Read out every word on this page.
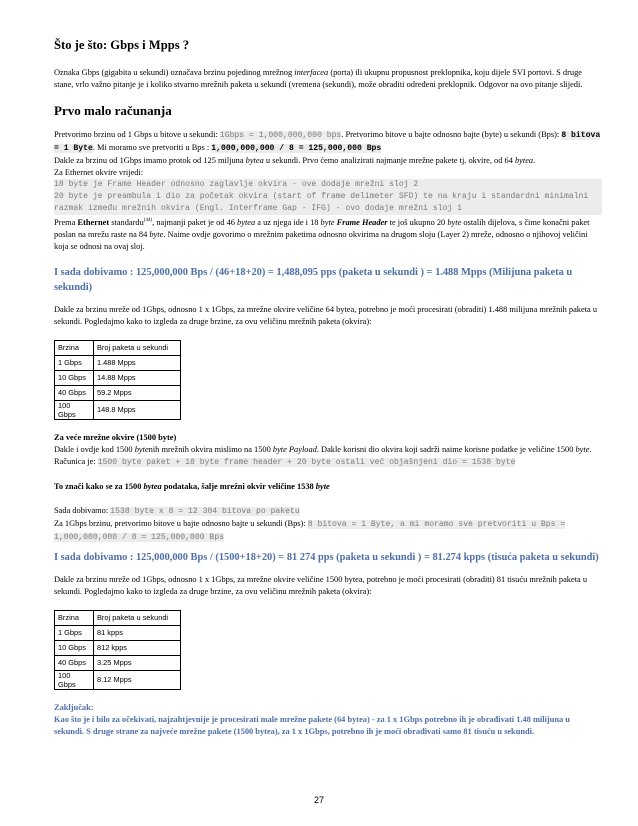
Što je što: Gbps i Mpps ?

Oznaka Gbps (gigabita u sekundi) označava brzinu pojedinog mrežnog interfacea (porta) ili ukupnu propusnost preklopnika, koju dijele SVI portovi. S druge stane, vrlo važno pitanje je i koliko stvarno mrežnih paketa u sekundi (vremena (sekundi), može obraditi određeni preklopnik. Odgovor na ovo pitanje slijedi.

Prvo malo računanja

Pretvorimo brzinu od 1 Gbps u bitove u sekundi: 1Gbps = 1,000,000,000 bps. Pretvorimo bitove u bajte odnosno bajte (byte) u sekundi (Bps): 8 bitova = 1 Byte. Mi moramo sve pretvoriti u Bps : 1,000,000,000 / 8 = 125,000,000 Bps

Dakle za brzinu od 1Gbps imamo protok od 125 miljuna bytea u sekundi. Prvo ćemo analizirati najmanje mrežne pakete tj. okvire, od 64 bytea.

Za Ethernet okvire vrijedi:

18 byte je Frame Header odnosno zaglavlje okvira - ove dodaje mrežni sloj 2

20 byte je preambula i dio za početak okvira (start of frame delimeter SFD) te na kraju i standardni minimalni razmak između mrežnih okvira (Engl. Interframe Gap - IFG) - ovo dodaje mrežni sloj 1

Prema Ethernet standardu$^{(44)}$, najmanji paket je od 46 bytea a uz njega ide i 18 byte Frame Header te još ukupno 20 byte ostalih dijelova, s čime konačni paket poslan na mrežu raste na 84 byte. Naime ovdje govorimo o mrežnim paketima odnosno okvirima na drugom sloju (Layer 2) mreže, odnosno o njihovoj veličini koja se odnosi na ovaj sloj.

I sada dobivamo : 125,000,000 Bps / (46+18+20) = 1,488,095 pps (paketa u sekundi ) = 1.488 Mpps (Milijuna paketa u sekundi)

Dakle za brzinu mreže od 1Gbps, odnosno 1 x 1Gbps, za mrežne okvire veličine 64 bytea, potrebno je moći procesirati (obraditi) 1.488 milijuna mrežnih paketa u sekundi. Pogledajmo kako to izgleda za druge brzine, za ovu veličinu mrežnih paketa (okvira):

Brzina	Broj paketa u sekundi
1 Gbps	1.488 Mpps
10 Gbps	14.88 Mpps
40 Gbps	59.2 Mpps
100 Gbps	148.8 Mpps

Za veće mrežne okvire (1500 byte)

Dakle i ovdje kod 1500 bytenih mrežnih okvira mislimo na 1500 byte Payload. Dakle korisni dio okvira koji sadrži naime korisne podatke je veličine 1500 byte.

Računica je: 1500 byte paket + 18 byte frame header + 20 byte ostali već objašnjeni dio = 1538 byte

To znači kako se za 1500 bytea podataka, šalje mrežni okvir veličine 1538 byte

Sada dobivamo: 1538 byte x 8 = 12 304 bitova po paketu

Za 1Gbps brzinu, pretvorimo bitove u bajte odnosno bajte u sekundi (Bps): 8 bitova = 1 Byte, a mi moramo sve pretvoriti u Bps = 1,000,000,000 / 8 = 125,000,000 Bps

I sada dobivamo : 125,000,000 Bps / (1500+18+20) = 81 274 pps (paketa u sekundi ) = 81.274 kpps (tisuća paketa u sekundi)

Dakle za brzinu mreže od 1Gbps, odnosno 1 x 1Gbps, za mrežne okvire veličine 1500 bytea, potrebno je moći procesirati (obraditi) 81 tisuću mrežnih paketa u sekundi. Pogledajmo kako to izgleda za druge brzine, za ovu veličinu mrežnih paketa (okvira):

Brzina	Broj paketa u sekundi
1 Gbps	81 kpps
10 Gbps	812 kpps
40 Gbps	3.25 Mpps
100 Gbps	8.12 Mpps

Zaključak:

Kao što je i bilo za očekivati, najzahtjevnije je procesirati male mrežne pakete (64 bytea) - za 1 x 1Gbps potrebno ih je obrađivati 1.48 milijuna u sekundi. S druge strane za najveće mrežne pakete (1500 bytea), za 1 x 1Gbps, potrebno ih je moći obrađivati samo 81 tisuću u sekundi.

27
